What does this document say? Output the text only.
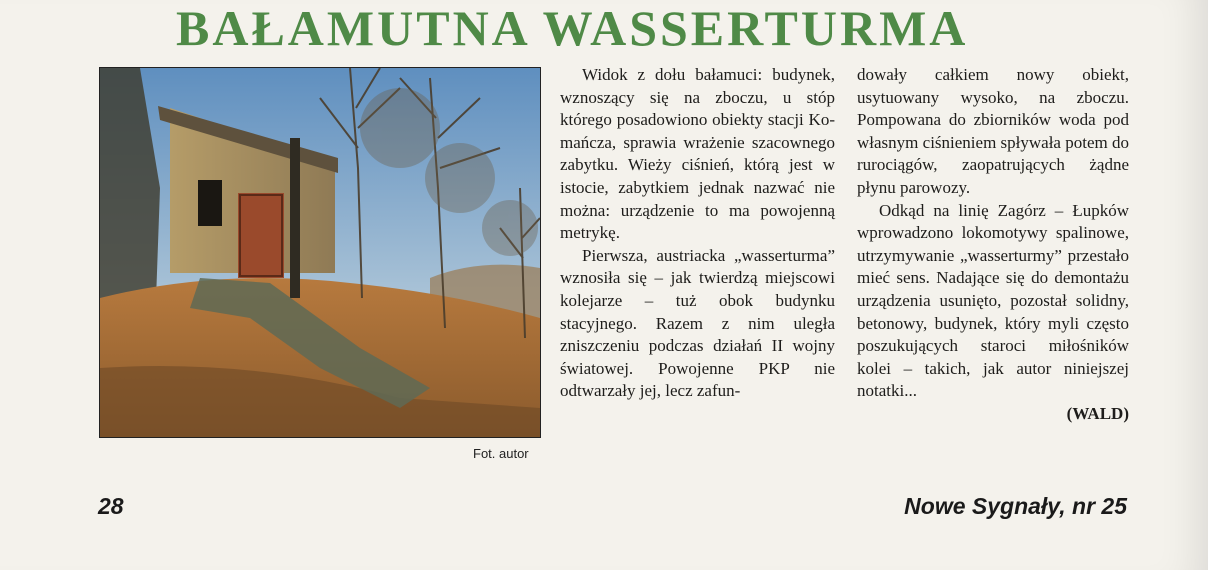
BAŁAMUTNA WASSERTURMA
Fot. autor

Widok z dołu bałamuci: budynek, wznoszący się na zboczu, u stóp którego posadowiono obiekty stacji Ko-mańcza, sprawia wrażenie szacownego zabytku. Wieży ciśnień, którą jest w istocie, zabytkiem jednak nazwać nie można: urządzenie to ma powojenną metrykę.

Pierwsza, austriacka „wasserturma” wznosiła się – jak twierdzą miejscowi kolejarze – tuż obok budynku stacyjnego. Razem z nim uległa zniszczeniu podczas działań II wojny światowej. Powojenne PKP nie odtwarzały jej, lecz zafun-

dowały całkiem nowy obiekt, usytuowany wysoko, na zboczu. Pompowana do zbiorników woda pod własnym ciśnieniem spływała potem do rurociągów, zaopatrujących żądne płynu parowozy.

Odkąd na linię Zagórz – Łupków wprowadzono lokomotywy spalinowe, utrzymywanie „wasserturmy” przestało mieć sens. Nadające się do demontażu urządzenia usunięto, pozostał solidny, betonowy, budynek, który myli często poszukujących staroci miłośników kolei – takich, jak autor niniejszej notatki...

(WALD)

28	Nowe Sygnały, nr 25
